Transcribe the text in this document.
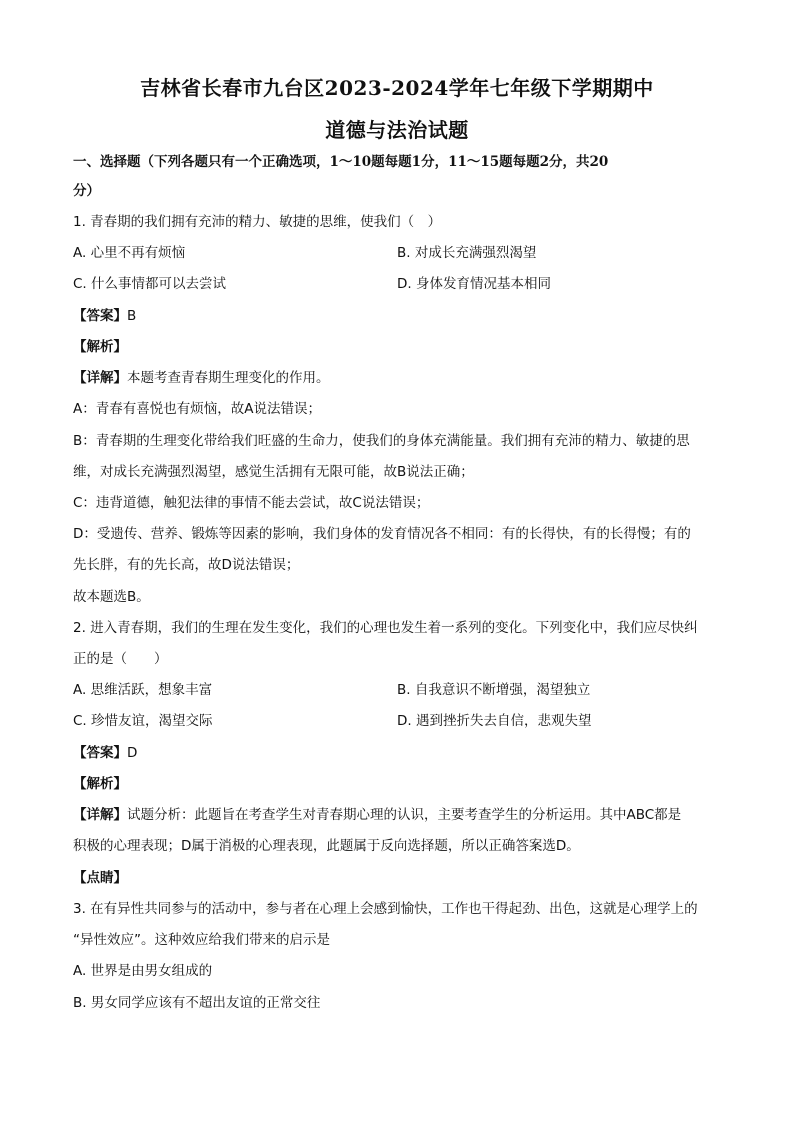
吉林省长春市九台区2023-2024学年七年级下学期期中
道德与法治试题
一、选择题（下列各题只有一个正确选项，1～10题每题1分，11～15题每题2分，共20
分）
1. 青春期的我们拥有充沛的精力、敏捷的思维，使我们（　）
A. 心里不再有烦恼	B. 对成长充满强烈渴望
C. 什么事情都可以去尝试	D. 身体发育情况基本相同
【答案】B
【解析】
【详解】本题考查青春期生理变化的作用。
A：青春有喜悦也有烦恼，故A说法错误；
B：青春期的生理变化带给我们旺盛的生命力，使我们的身体充满能量。我们拥有充沛的精力、敏捷的思
维，对成长充满强烈渴望，感觉生活拥有无限可能，故B说法正确；
C：违背道德，触犯法律的事情不能去尝试，故C说法错误；
D：受遗传、营养、锻炼等因素的影响，我们身体的发育情况各不相同：有的长得快，有的长得慢；有的
先长胖，有的先长高，故D说法错误；
故本题选B。
2. 进入青春期，我们的生理在发生变化，我们的心理也发生着一系列的变化。下列变化中，我们应尽快纠
正的是（　　）
A. 思维活跃，想象丰富	B. 自我意识不断增强，渴望独立
C. 珍惜友谊，渴望交际	D. 遇到挫折失去自信，悲观失望
【答案】D
【解析】
【详解】试题分析：此题旨在考查学生对青春期心理的认识，主要考查学生的分析运用。其中ABC都是
积极的心理表现；D属于消极的心理表现，此题属于反向选择题，所以正确答案选D。
【点睛】
3. 在有异性共同参与的活动中，参与者在心理上会感到愉快，工作也干得起劲、出色，这就是心理学上的
“异性效应”。这种效应给我们带来的启示是
A. 世界是由男女组成的
B. 男女同学应该有不超出友谊的正常交往
